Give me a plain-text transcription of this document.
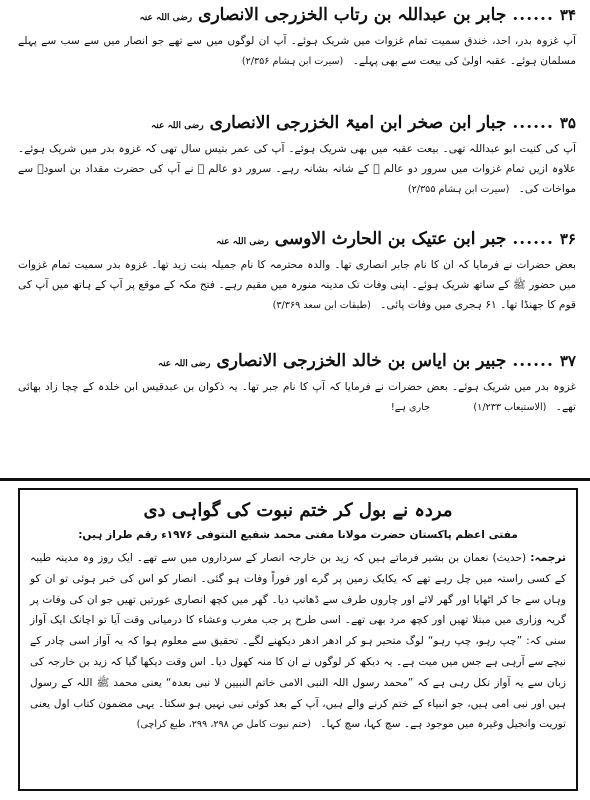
۳۴
......
جابر بن عبداللہ بن رتاب الخزرجی الانصاری
رضی اللہ عنہ
آپ غزوہ بدر، احد، خندق سمیت تمام غزوات میں شریک ہوئے۔ آپ ان لوگوں میں سے تھے جو انصار میں سے سب سے پہلے مسلمان ہوئے۔ عقبہ اولیٰ کی بیعت سے بھی پہلے۔ (سیرت ابن ہشام ۲/۳۵۶)
۳۵
......
جبار ابن صخر ابن امیۃ الخزرجی الانصاری
رضی اللہ عنہ
آپ کی کنیت ابو عبداللہ تھی۔ بیعت عقبہ میں بھی شریک ہوئے۔ آپ کی عمر بتیس سال تھی کہ غزوہ بدر میں شریک ہوئے۔ علاوہ ازیں تمام غزوات میں سرور دو عالم ﷺ کے شانہ بشانہ رہے۔ سرور دو عالم ﷺ نے آپ کی حضرت مقداد بن اسودؓ سے مواخات کی۔ (سیرت ابن ہشام ۲/۳۵۵)
۳۶
......
جبر ابن عتیک بن الحارث الاوسی
رضی اللہ عنہ
بعض حضرات نے فرمایا کہ ان کا نام جابر انصاری تھا۔ والدہ محترمہ کا نام جمیلہ بنت زید تھا۔ غزوہ بدر سمیت تمام غزوات میں حضور ﷺ کے ساتھ شریک ہوئے۔ اپنی وفات تک مدینہ منورہ میں مقیم رہے۔ فتح مکہ کے موقع پر آپ کے ہاتھ میں آپ کی قوم کا جھنڈا تھا۔ ۶۱ ہجری میں وفات پائی۔ (طبقات ابن سعد ۳/۳۶۹)
۳۷
......
جبیر بن ایاس بن خالد الخزرجی الانصاری
رضی اللہ عنہ
غزوہ بدر میں شریک ہوئے۔ بعض حضرات نے فرمایا کہ آپ کا نام جبر تھا۔ یہ ذکوان بن عبدقیس ابن خلدہ کے چچا زاد بھائی تھے۔ (الاستیعاب ۱/۲۳۳) جاری ہے!
مردہ نے بول کر ختم نبوت کی گواہی دی
مفتی اعظم پاکستان حضرت مولانا مفتی محمد شفیع النتوفی ۱۹۷۶ء رقم طراز ہیں:
ترجمہ: (حدیث) نعمان بن بشیر فرماتے ہیں کہ زید بن خارجہ انصار کے سرداروں میں سے تھے۔ ایک روز وہ مدینہ طیبہ کے کسی راستہ میں چل رہے تھے کہ یکایک زمین پر گرے اور فوراً وفات ہو گئی۔ انصار کو اس کی خبر ہوئی تو ان کو وہاں سے جا کر اٹھایا اور گھر لائے اور چاروں طرف سے ڈھانپ دیا۔ گھر میں کچھ انصاری عورتیں تھیں جو ان کی وفات پر گریہ وزاری میں مبتلا تھیں اور کچھ مرد بھی تھے۔ اسی طرح پر جب مغرب وعشاء کا درمیانی وقت آیا تو اچانک ایک آواز سنی کہ: ”چپ رہو، چپ رہو“ لوگ متحیر ہو کر ادھر ادھر دیکھنے لگے۔ تحقیق سے معلوم ہوا کہ یہ آواز اسی چادر کے نیچے سے آرہی ہے جس میں میت ہے۔ یہ دیکھ کر لوگوں نے ان کا منہ کھول دیا۔ اس وقت دیکھا گیا کہ زید بن خارجہ کی زبان سے یہ آواز نکل رہی ہے کہ ”محمد رسول اللہ النبی الامی خاتم النبیین لا نبی بعدہ“ یعنی محمد ﷺ اللہ کے رسول ہیں اور نبی امی ہیں، جو انبیاء کے ختم کرنے والے ہیں، آپ کے بعد کوئی نبی نہیں ہو سکتا۔ یہی مضمون کتاب اول یعنی توریت وانجیل وغیرہ میں موجود ہے۔ سچ کہا، سچ کہا۔ (ختم نبوت کامل ص ۲۹۸، ۲۹۹، طبع کراچی)
